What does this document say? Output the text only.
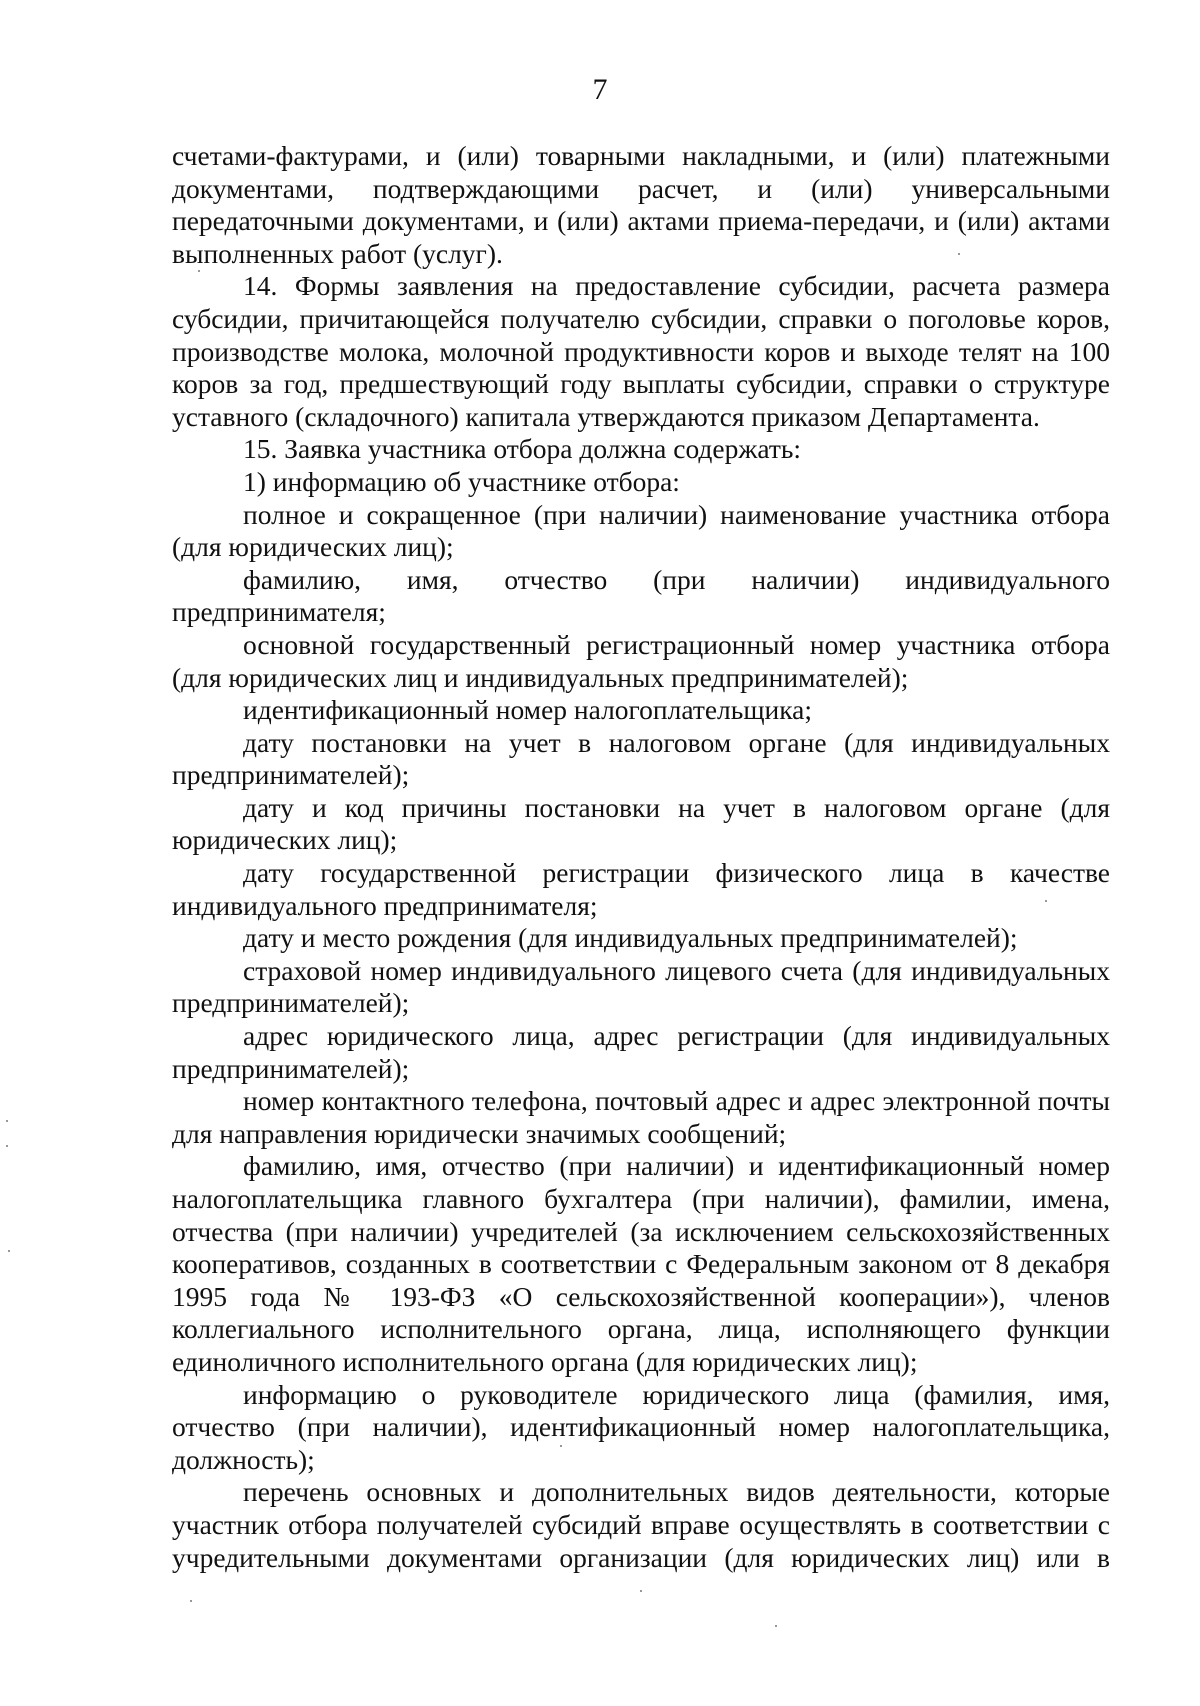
7

счетами-фактурами, и (или) товарными накладными, и (или) платежными документами, подтверждающими расчет, и (или) универсальными передаточными документами, и (или) актами приема-передачи, и (или) актами выполненных работ (услуг).

14. Формы заявления на предоставление субсидии, расчета размера субсидии, причитающейся получателю субсидии, справки о поголовье коров, производстве молока, молочной продуктивности коров и выходе телят на 100 коров за год, предшествующий году выплаты субсидии, справки о структуре уставного (складочного) капитала утверждаются приказом Департамента.

15. Заявка участника отбора должна содержать:

1) информацию об участнике отбора:

полное и сокращенное (при наличии) наименование участника отбора (для юридических лиц);

фамилию, имя, отчество (при наличии) индивидуального предпринимателя;

основной государственный регистрационный номер участника отбора (для юридических лиц и индивидуальных предпринимателей);

идентификационный номер налогоплательщика;

дату постановки на учет в налоговом органе (для индивидуальных предпринимателей);

дату и код причины постановки на учет в налоговом органе (для юридических лиц);

дату государственной регистрации физического лица в качестве индивидуального предпринимателя;

дату и место рождения (для индивидуальных предпринимателей);

страховой номер индивидуального лицевого счета (для индивидуальных предпринимателей);

адрес юридического лица, адрес регистрации (для индивидуальных предпринимателей);

номер контактного телефона, почтовый адрес и адрес электронной почты для направления юридически значимых сообщений;

фамилию, имя, отчество (при наличии) и идентификационный номер налогоплательщика главного бухгалтера (при наличии), фамилии, имена, отчества (при наличии) учредителей (за исключением сельскохозяйственных кооперативов, созданных в соответствии с Федеральным законом от 8 декабря 1995 года № 193-ФЗ «О сельскохозяйственной кооперации»), членов коллегиального исполнительного органа, лица, исполняющего функции единоличного исполнительного органа (для юридических лиц);

информацию о руководителе юридического лица (фамилия, имя, отчество (при наличии), идентификационный номер налогоплательщика, должность);

перечень основных и дополнительных видов деятельности, которые участник отбора получателей субсидий вправе осуществлять в соответствии с учредительными документами организации (для юридических лиц) или в
